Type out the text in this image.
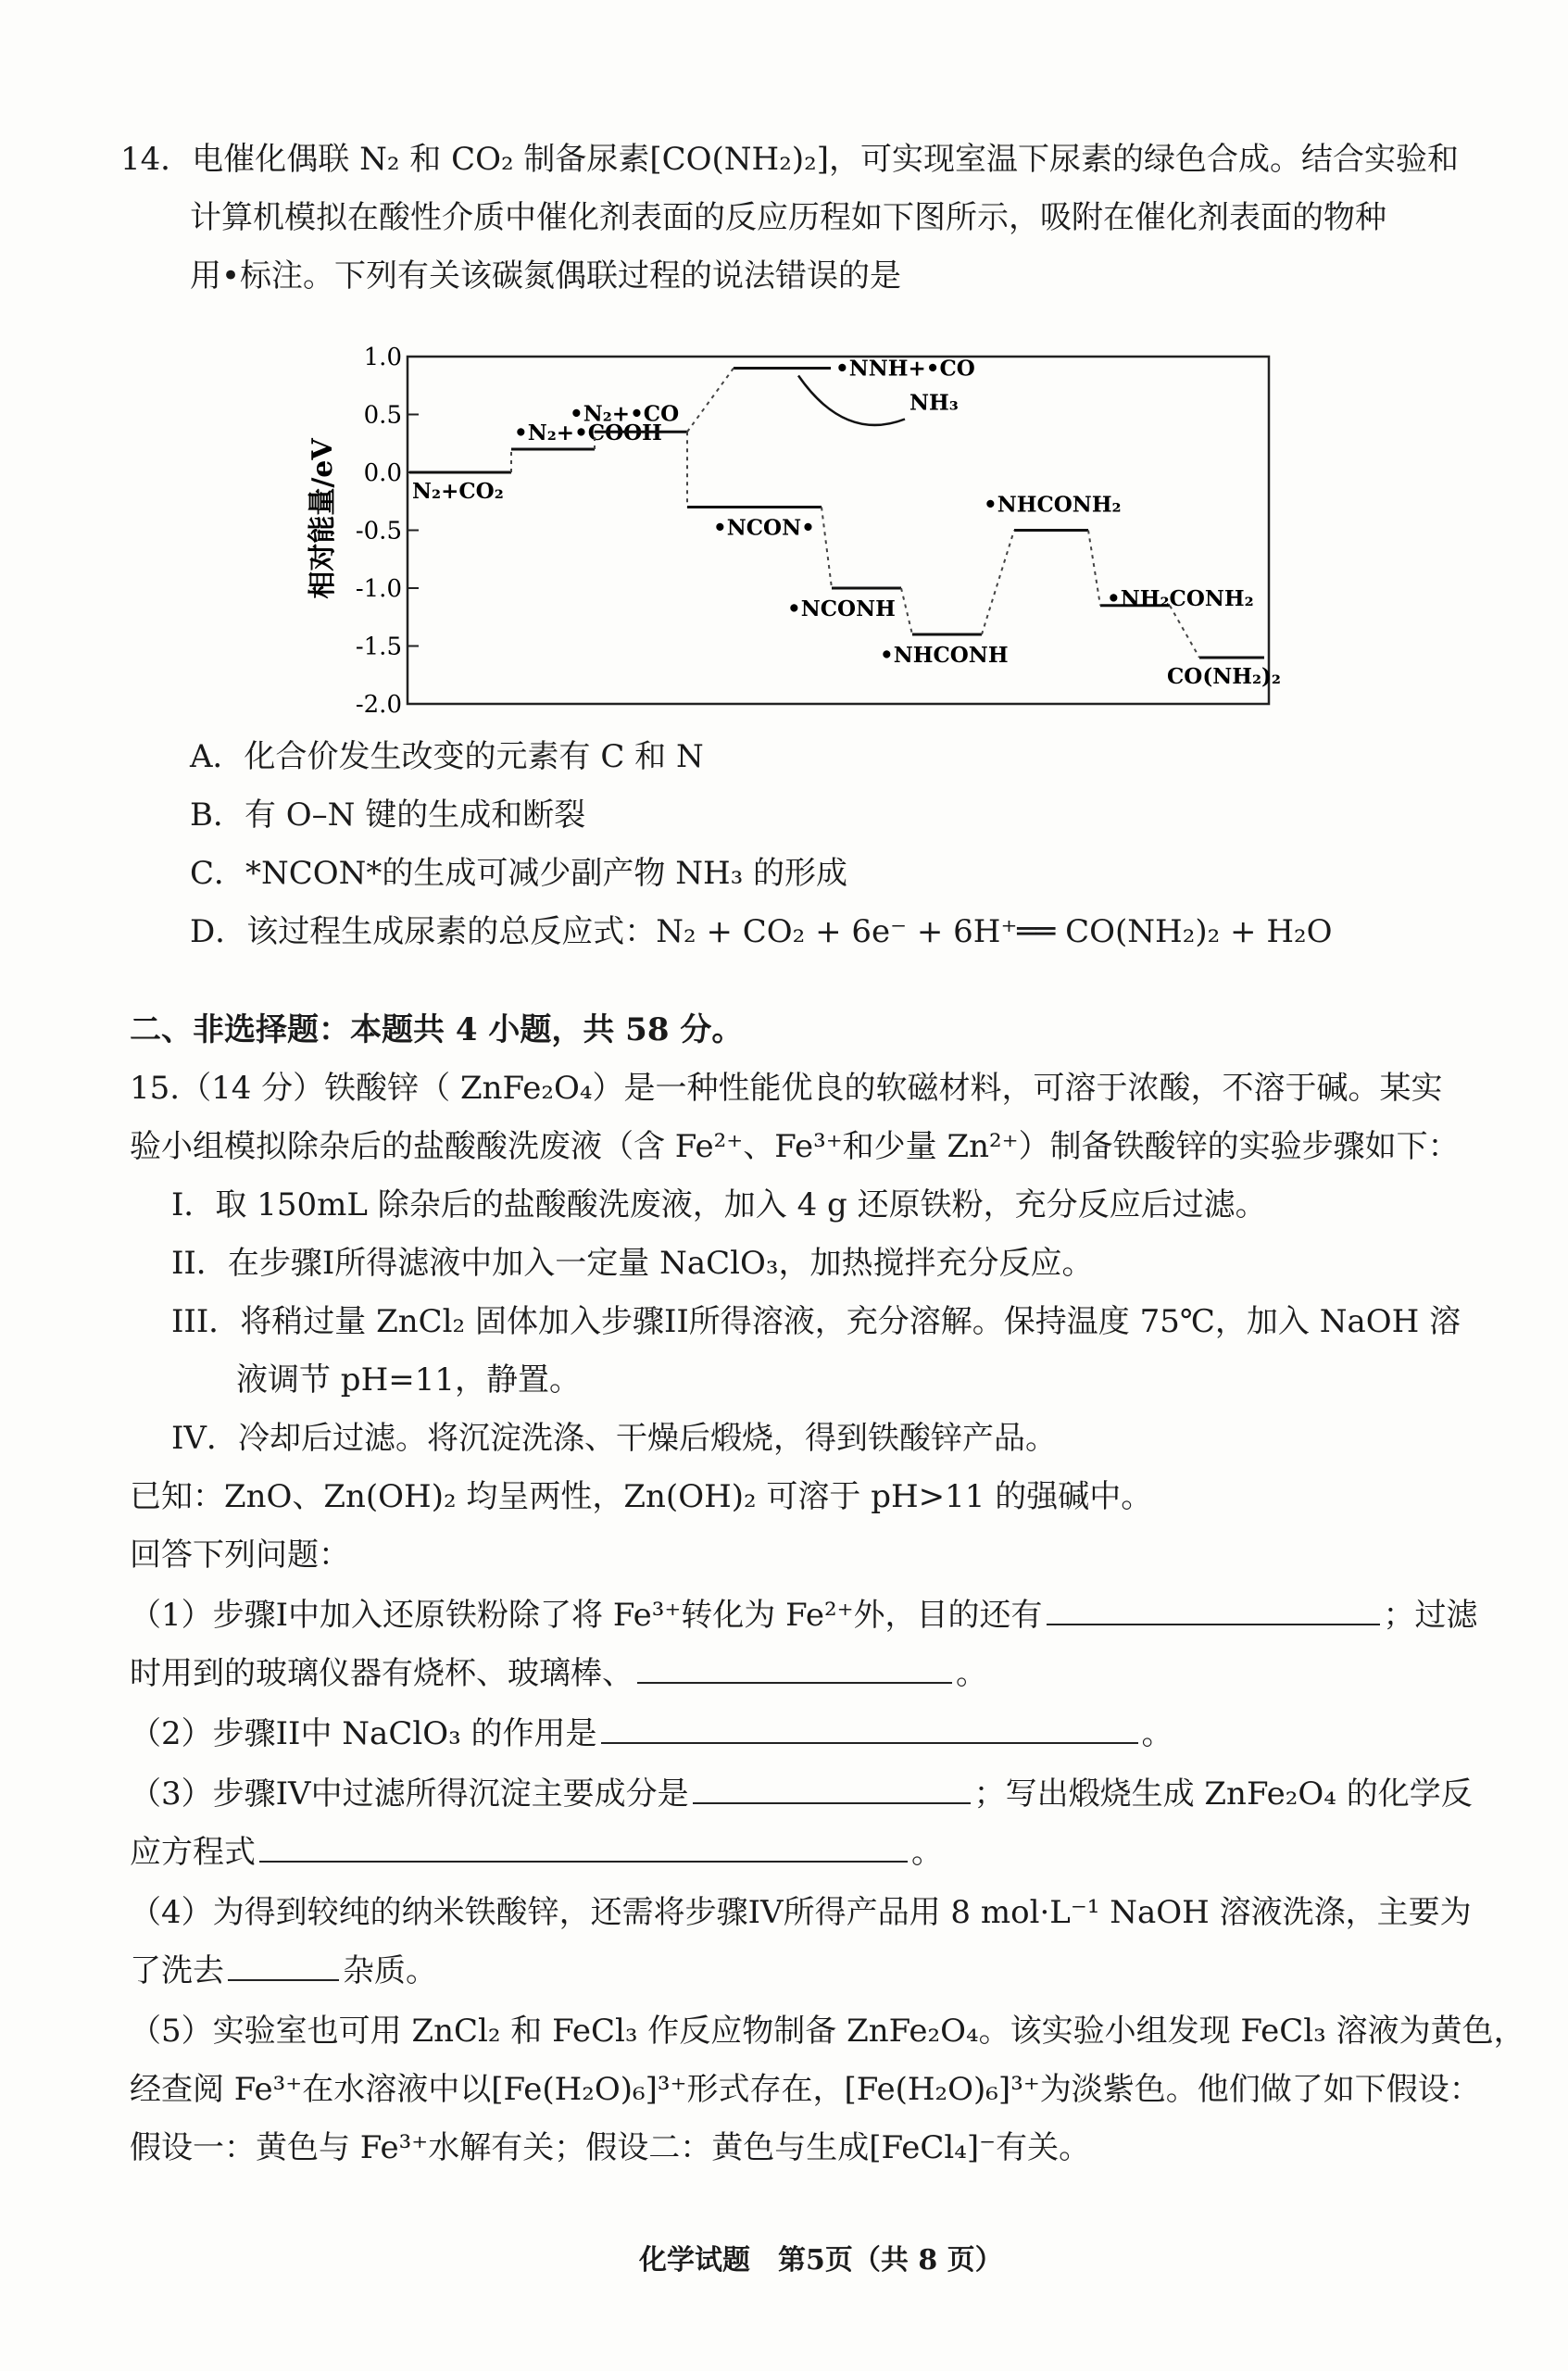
14．电催化偶联 N₂ 和 CO₂ 制备尿素[CO(NH₂)₂]，可实现室温下尿素的绿色合成。结合实验和
计算机模拟在酸性介质中催化剂表面的反应历程如下图所示，吸附在催化剂表面的物种
用•标注。下列有关该碳氮偶联过程的说法错误的是
相对能量/eV
1.0
0.5
0.0
-0.5
-1.0
-1.5
-2.0
N₂+CO₂
•N₂+•COOH
•N₂+•CO
•NNH+•CO
•NCON•
•NCONH
•NHCONH
•NHCONH₂
•NH₂CONH₂
CO(NH₂)₂
NH₃
A．化合价发生改变的元素有 C 和 N
B．有 O–N 键的生成和断裂
C．*NCON*的生成可减少副产物 NH₃ 的形成
D．该过程生成尿素的总反应式：N₂ + CO₂ + 6e⁻ + 6H⁺══ CO(NH₂)₂ + H₂O
二、非选择题：本题共 4 小题，共 58 分。
15.（14 分）铁酸锌（ ZnFe₂O₄）是一种性能优良的软磁材料，可溶于浓酸，不溶于碱。某实
验小组模拟除杂后的盐酸酸洗废液（含 Fe²⁺、Fe³⁺和少量 Zn²⁺）制备铁酸锌的实验步骤如下：
I．取 150mL 除杂后的盐酸酸洗废液，加入 4 g 还原铁粉，充分反应后过滤。
II．在步骤I所得滤液中加入一定量 NaClO₃，加热搅拌充分反应。
III．将稍过量 ZnCl₂ 固体加入步骤II所得溶液，充分溶解。保持温度 75℃，加入 NaOH 溶
液调节 pH=11，静置。
IV．冷却后过滤。将沉淀洗涤、干燥后煅烧，得到铁酸锌产品。
已知：ZnO、Zn(OH)₂ 均呈两性，Zn(OH)₂ 可溶于 pH>11 的强碱中。
回答下列问题：
（1）步骤I中加入还原铁粉除了将 Fe³⁺转化为 Fe²⁺外，目的还有	；过滤
时用到的玻璃仪器有烧杯、玻璃棒、	。
（2）步骤II中 NaClO₃ 的作用是	。
（3）步骤IV中过滤所得沉淀主要成分是	；写出煅烧生成 ZnFe₂O₄ 的化学反
应方程式	。
（4）为得到较纯的纳米铁酸锌，还需将步骤IV所得产品用 8 mol·L⁻¹ NaOH 溶液洗涤，主要为
了洗去	杂质。
（5）实验室也可用 ZnCl₂ 和 FeCl₃ 作反应物制备 ZnFe₂O₄。该实验小组发现 FeCl₃ 溶液为黄色，
经查阅 Fe³⁺在水溶液中以[Fe(H₂O)₆]³⁺形式存在，[Fe(H₂O)₆]³⁺为淡紫色。他们做了如下假设：
假设一：黄色与 Fe³⁺水解有关；假设二：黄色与生成[FeCl₄]⁻有关。
化学试题　第5页（共 8 页）
